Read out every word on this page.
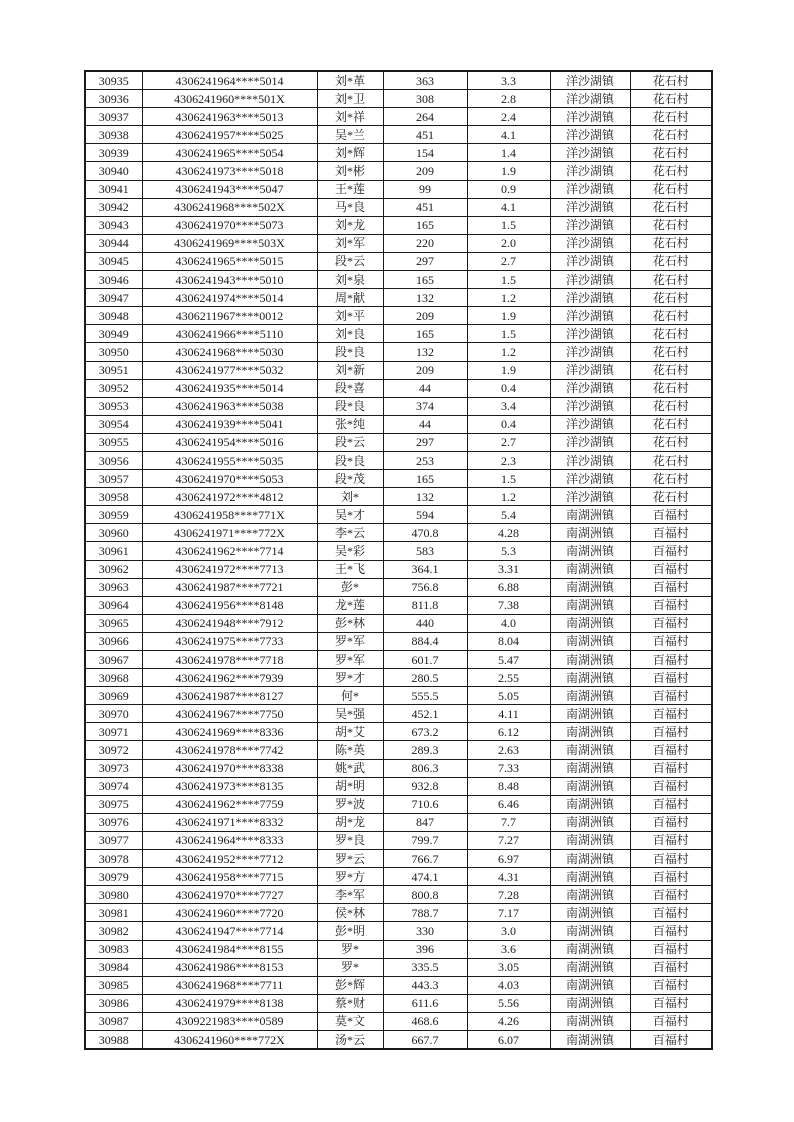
30935	4306241964****5014	刘*革	363	3.3	洋沙湖镇	花石村
30936	4306241960****501X	刘*卫	308	2.8	洋沙湖镇	花石村
30937	4306241963****5013	刘*祥	264	2.4	洋沙湖镇	花石村
30938	4306241957****5025	吴*兰	451	4.1	洋沙湖镇	花石村
30939	4306241965****5054	刘*辉	154	1.4	洋沙湖镇	花石村
30940	4306241973****5018	刘*彬	209	1.9	洋沙湖镇	花石村
30941	4306241943****5047	王*莲	99	0.9	洋沙湖镇	花石村
30942	4306241968****502X	马*良	451	4.1	洋沙湖镇	花石村
30943	4306241970****5073	刘*龙	165	1.5	洋沙湖镇	花石村
30944	4306241969****503X	刘*军	220	2.0	洋沙湖镇	花石村
30945	4306241965****5015	段*云	297	2.7	洋沙湖镇	花石村
30946	4306241943****5010	刘*泉	165	1.5	洋沙湖镇	花石村
30947	4306241974****5014	周*献	132	1.2	洋沙湖镇	花石村
30948	4306211967****0012	刘*平	209	1.9	洋沙湖镇	花石村
30949	4306241966****5110	刘*良	165	1.5	洋沙湖镇	花石村
30950	4306241968****5030	段*良	132	1.2	洋沙湖镇	花石村
30951	4306241977****5032	刘*新	209	1.9	洋沙湖镇	花石村
30952	4306241935****5014	段*喜	44	0.4	洋沙湖镇	花石村
30953	4306241963****5038	段*良	374	3.4	洋沙湖镇	花石村
30954	4306241939****5041	张*纯	44	0.4	洋沙湖镇	花石村
30955	4306241954****5016	段*云	297	2.7	洋沙湖镇	花石村
30956	4306241955****5035	段*良	253	2.3	洋沙湖镇	花石村
30957	4306241970****5053	段*茂	165	1.5	洋沙湖镇	花石村
30958	4306241972****4812	刘*	132	1.2	洋沙湖镇	花石村
30959	4306241958****771X	吴*才	594	5.4	南湖洲镇	百福村
30960	4306241971****772X	李*云	470.8	4.28	南湖洲镇	百福村
30961	4306241962****7714	吴*彩	583	5.3	南湖洲镇	百福村
30962	4306241972****7713	王*飞	364.1	3.31	南湖洲镇	百福村
30963	4306241987****7721	彭*	756.8	6.88	南湖洲镇	百福村
30964	4306241956****8148	龙*莲	811.8	7.38	南湖洲镇	百福村
30965	4306241948****7912	彭*林	440	4.0	南湖洲镇	百福村
30966	4306241975****7733	罗*军	884.4	8.04	南湖洲镇	百福村
30967	4306241978****7718	罗*军	601.7	5.47	南湖洲镇	百福村
30968	4306241962****7939	罗*才	280.5	2.55	南湖洲镇	百福村
30969	4306241987****8127	何*	555.5	5.05	南湖洲镇	百福村
30970	4306241967****7750	吴*强	452.1	4.11	南湖洲镇	百福村
30971	4306241969****8336	胡*艾	673.2	6.12	南湖洲镇	百福村
30972	4306241978****7742	陈*英	289.3	2.63	南湖洲镇	百福村
30973	4306241970****8338	姚*武	806.3	7.33	南湖洲镇	百福村
30974	4306241973****8135	胡*明	932.8	8.48	南湖洲镇	百福村
30975	4306241962****7759	罗*波	710.6	6.46	南湖洲镇	百福村
30976	4306241971****8332	胡*龙	847	7.7	南湖洲镇	百福村
30977	4306241964****8333	罗*良	799.7	7.27	南湖洲镇	百福村
30978	4306241952****7712	罗*云	766.7	6.97	南湖洲镇	百福村
30979	4306241958****7715	罗*方	474.1	4.31	南湖洲镇	百福村
30980	4306241970****7727	李*军	800.8	7.28	南湖洲镇	百福村
30981	4306241960****7720	侯*林	788.7	7.17	南湖洲镇	百福村
30982	4306241947****7714	彭*明	330	3.0	南湖洲镇	百福村
30983	4306241984****8155	罗*	396	3.6	南湖洲镇	百福村
30984	4306241986****8153	罗*	335.5	3.05	南湖洲镇	百福村
30985	4306241968****7711	彭*辉	443.3	4.03	南湖洲镇	百福村
30986	4306241979****8138	蔡*财	611.6	5.56	南湖洲镇	百福村
30987	4309221983****0589	莫*文	468.6	4.26	南湖洲镇	百福村
30988	4306241960****772X	汤*云	667.7	6.07	南湖洲镇	百福村
